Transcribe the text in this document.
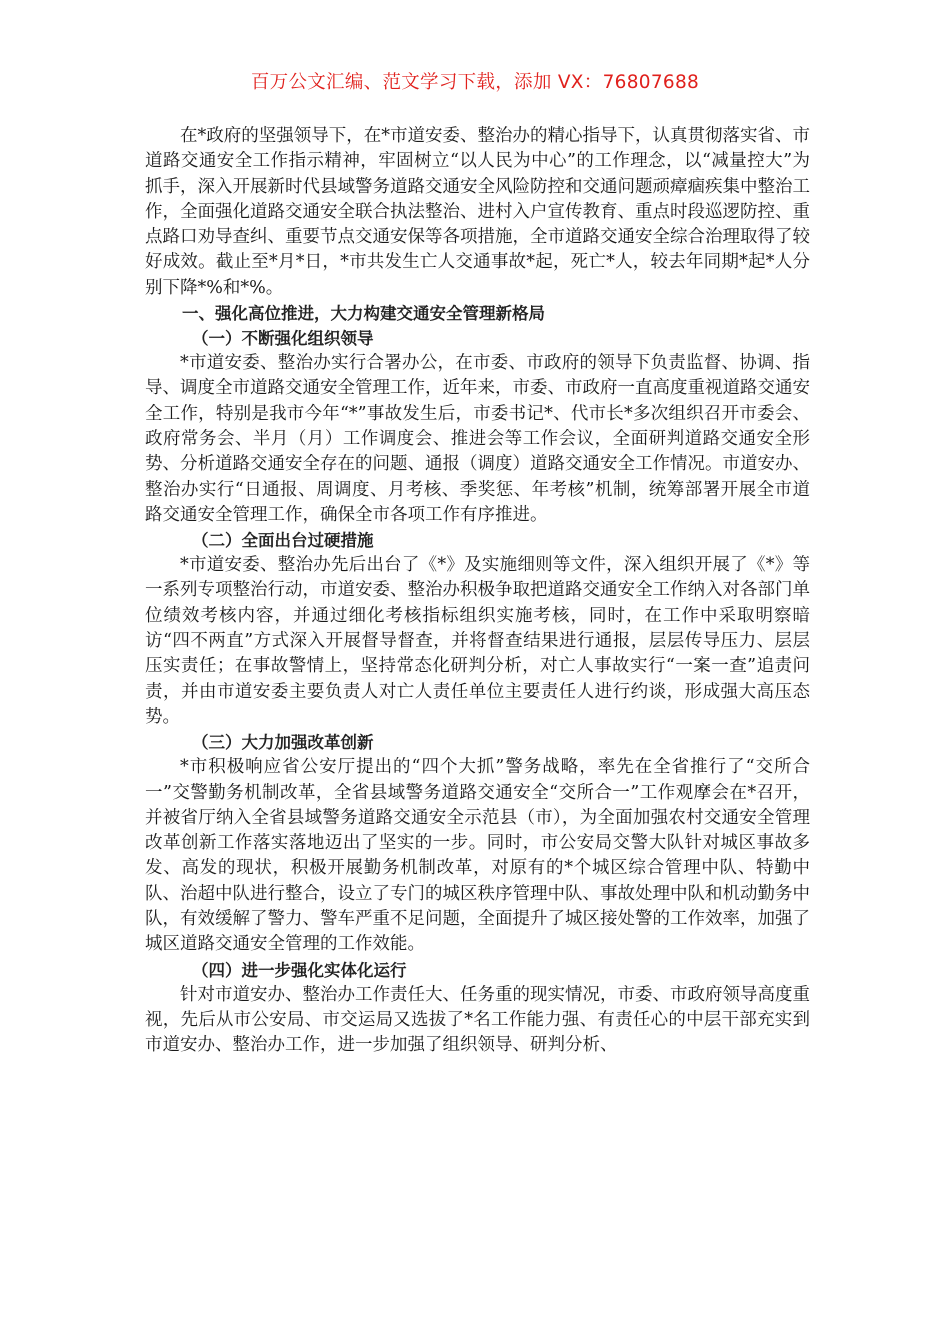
百万公文汇编、范文学习下载，添加 VX：76807688

在*政府的坚强领导下，在*市道安委、整治办的精心指导下，认真贯彻落实省、市道路交通安全工作指示精神，牢固树立“以人民为中心”的工作理念，以“减量控大”为抓手，深入开展新时代县域警务道路交通安全风险防控和交通问题顽瘴痼疾集中整治工作，全面强化道路交通安全联合执法整治、进村入户宣传教育、重点时段巡逻防控、重点路口劝导查纠、重要节点交通安保等各项措施，全市道路交通安全综合治理取得了较好成效。截止至*月*日，*市共发生亡人交通事故*起，死亡*人，较去年同期*起*人分别下降*%和*%。

一、强化高位推进，大力构建交通安全管理新格局
（一）不断强化组织领导

*市道安委、整治办实行合署办公，在市委、市政府的领导下负责监督、协调、指导、调度全市道路交通安全管理工作，近年来，市委、市政府一直高度重视道路交通安全工作，特别是我市今年“*”事故发生后，市委书记*、代市长*多次组织召开市委会、政府常务会、半月（月）工作调度会、推进会等工作会议，全面研判道路交通安全形势、分析道路交通安全存在的问题、通报（调度）道路交通安全工作情况。市道安办、整治办实行“日通报、周调度、月考核、季奖惩、年考核”机制，统筹部署开展全市道路交通安全管理工作，确保全市各项工作有序推进。

（二）全面出台过硬措施

*市道安委、整治办先后出台了《*》及实施细则等文件，深入组织开展了《*》等一系列专项整治行动，市道安委、整治办积极争取把道路交通安全工作纳入对各部门单位绩效考核内容，并通过细化考核指标组织实施考核，同时，在工作中采取明察暗访“四不两直”方式深入开展督导督查，并将督查结果进行通报，层层传导压力、层层压实责任；在事故警情上，坚持常态化研判分析，对亡人事故实行“一案一查”追责问责，并由市道安委主要负责人对亡人责任单位主要责任人进行约谈，形成强大高压态势。

（三）大力加强改革创新

*市积极响应省公安厅提出的“四个大抓”警务战略，率先在全省推行了“交所合一”交警勤务机制改革，全省县域警务道路交通安全“交所合一”工作观摩会在*召开，并被省厅纳入全省县域警务道路交通安全示范县（市），为全面加强农村交通安全管理改革创新工作落实落地迈出了坚实的一步。同时，市公安局交警大队针对城区事故多发、高发的现状，积极开展勤务机制改革，对原有的*个城区综合管理中队、特勤中队、治超中队进行整合，设立了专门的城区秩序管理中队、事故处理中队和机动勤务中队，有效缓解了警力、警车严重不足问题，全面提升了城区接处警的工作效率，加强了城区道路交通安全管理的工作效能。

（四）进一步强化实体化运行

针对市道安办、整治办工作责任大、任务重的现实情况，市委、市政府领导高度重视，先后从市公安局、市交运局又选拔了*名工作能力强、有责任心的中层干部充实到市道安办、整治办工作，进一步加强了组织领导、研判分析、
